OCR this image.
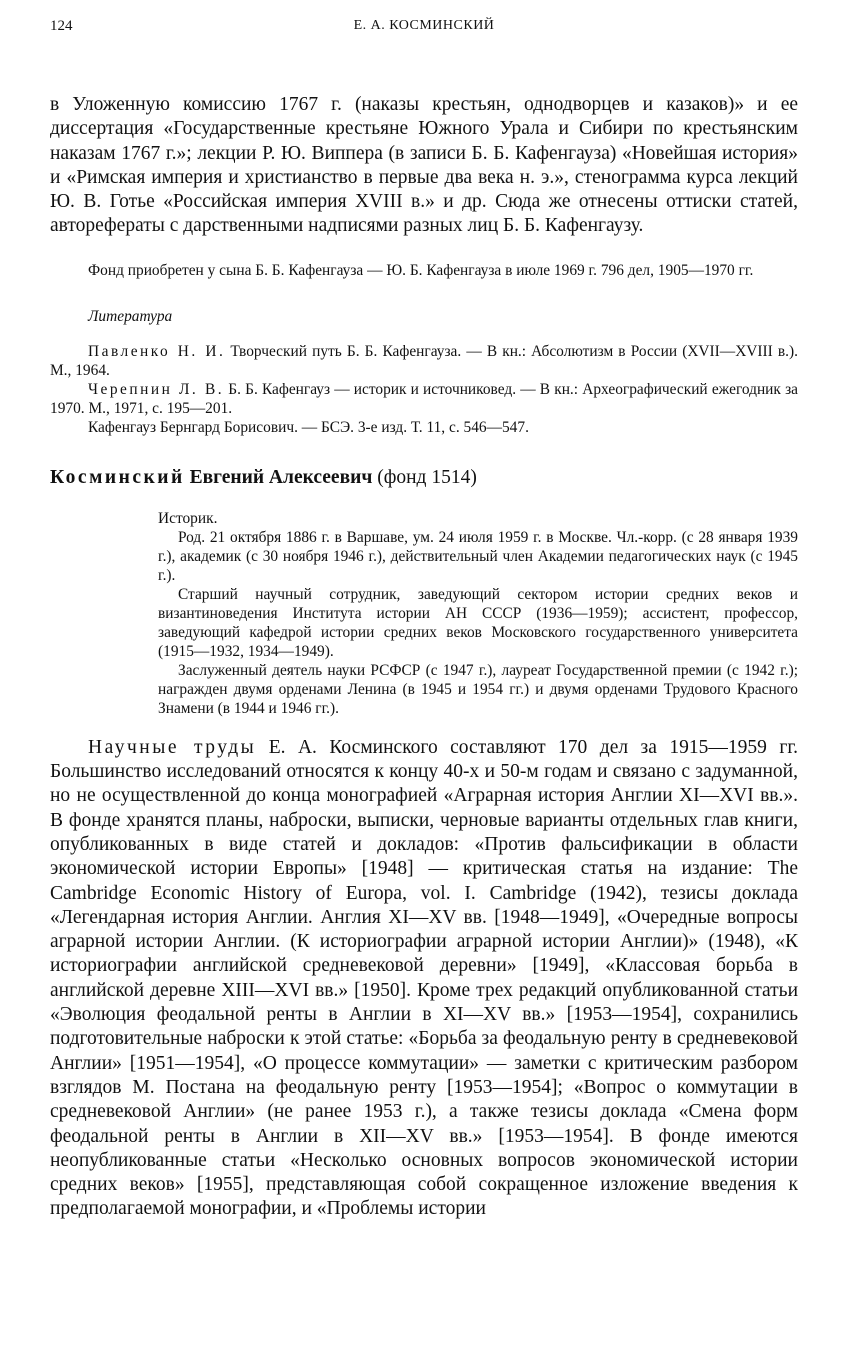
124	Е. А. КОСМИНСКИЙ

в Уложенную комиссию 1767 г. (наказы крестьян, однодворцев и казаков)» и ее диссертация «Государственные крестьяне Южного Урала и Сибири по крестьянским наказам 1767 г.»; лекции Р. Ю. Виппера (в записи Б. Б. Кафенгауза) «Новейшая история» и «Римская империя и христианство в первые два века н. э.», стенограмма курса лекций Ю. В. Готье «Российская империя XVIII в.» и др. Сюда же отнесены оттиски статей, авторефераты с дарственными надписями разных лиц Б. Б. Кафенгаузу.

Фонд приобретен у сына Б. Б. Кафенгауза — Ю. Б. Кафенгауза в июле 1969 г. 796 дел, 1905—1970 гг.

Литература

Павленко Н. И. Творческий путь Б. Б. Кафенгауза. — В кн.: Абсолютизм в России (XVII—XVIII в.). М., 1964.

Черепнин Л. В. Б. Б. Кафенгауз — историк и источниковед. — В кн.: Археографический ежегодник за 1970. М., 1971, с. 195—201.

Кафенгауз Бернгард Борисович. — БСЭ. 3-е изд. Т. 11, с. 546—547.

Косминский Евгений Алексеевич (фонд 1514)

Историк.

Род. 21 октября 1886 г. в Варшаве, ум. 24 июля 1959 г. в Москве. Чл.-корр. (с 28 января 1939 г.), академик (с 30 ноября 1946 г.), действительный член Академии педагогических наук (с 1945 г.).

Старший научный сотрудник, заведующий сектором истории средних веков и византиноведения Института истории АН СССР (1936—1959); ассистент, профессор, заведующий кафедрой истории средних веков Московского государственного университета (1915—1932, 1934—1949).

Заслуженный деятель науки РСФСР (с 1947 г.), лауреат Государственной премии (с 1942 г.); награжден двумя орденами Ленина (в 1945 и 1954 гг.) и двумя орденами Трудового Красного Знамени (в 1944 и 1946 гг.).

Научные труды Е. А. Косминского составляют 170 дел за 1915—1959 гг. Большинство исследований относятся к концу 40-х и 50-м годам и связано с задуманной, но не осуществленной до конца монографией «Аграрная история Англии XI—XVI вв.». В фонде хранятся планы, наброски, выписки, черновые варианты отдельных глав книги, опубликованных в виде статей и докладов: «Против фальсификации в области экономической истории Европы» [1948] — критическая статья на издание: The Cambridge Economic History of Europa, vol. I. Cambridge (1942), тезисы доклада «Легендарная история Англии. Англия XI—XV вв. [1948—1949], «Очередные вопросы аграрной истории Англии. (К историографии аграрной истории Англии)» (1948), «К историографии английской средневековой деревни» [1949], «Классовая борьба в английской деревне XIII—XVI вв.» [1950]. Кроме трех редакций опубликованной статьи «Эволюция феодальной ренты в Англии в XI—XV вв.» [1953—1954], сохранились подготовительные наброски к этой статье: «Борьба за феодальную ренту в средневековой Англии» [1951—1954], «О процессе коммутации» — заметки с критическим разбором взглядов М. Постана на феодальную ренту [1953—1954]; «Вопрос о коммутации в средневековой Англии» (не ранее 1953 г.), а также тезисы доклада «Смена форм феодальной ренты в Англии в XII—XV вв.» [1953—1954]. В фонде имеются неопубликованные статьи «Несколько основных вопросов экономической истории средних веков» [1955], представляющая собой сокращенное изложение введения к предполагаемой монографии, и «Проблемы истории
